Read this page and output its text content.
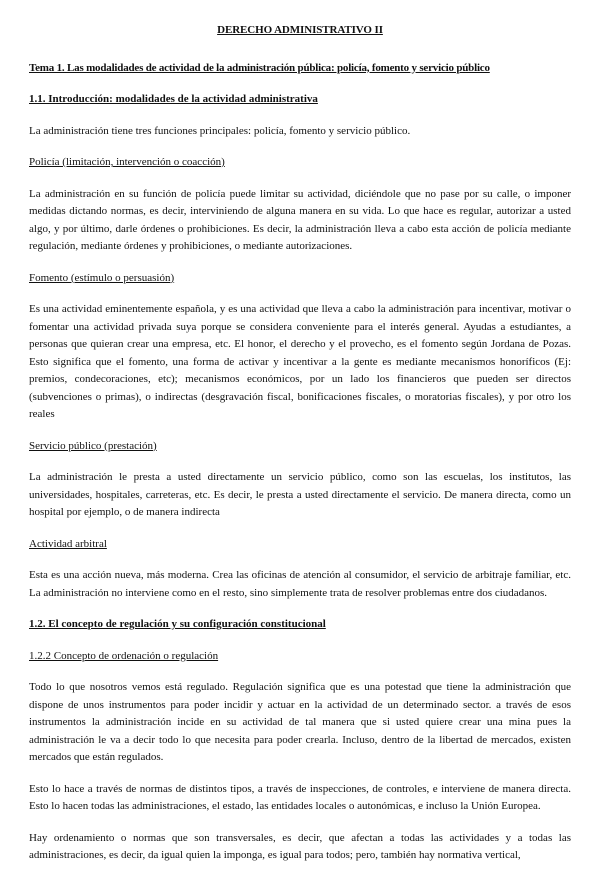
DERECHO ADMINISTRATIVO II
Tema 1. Las modalidades de actividad de la administración pública: policía, fomento y servicio público
1.1. Introducción: modalidades de la actividad administrativa

La administración tiene tres funciones principales: policía, fomento y servicio público.

Policía (limitación, intervención o coacción)

La administración en su función de policía puede limitar su actividad, diciéndole que no pase por su calle, o imponer medidas dictando normas, es decir, interviniendo de alguna manera en su vida. Lo que hace es regular, autorizar a usted algo, y por último, darle órdenes o prohibiciones. Es decir, la administración lleva a cabo esta acción de policía mediante regulación, mediante órdenes y prohibiciones, o mediante autorizaciones.

Fomento (estímulo o persuasión)

Es una actividad eminentemente española, y es una actividad que lleva a cabo la administración para incentivar, motivar o fomentar una actividad privada suya porque se considera conveniente para el interés general. Ayudas a estudiantes, a personas que quieran crear una empresa, etc. El honor, el derecho y el provecho, es el fomento según Jordana de Pozas. Esto significa que el fomento, una forma de activar y incentivar a la gente es mediante mecanismos honoríficos (Ej: premios, condecoraciones, etc); mecanismos económicos, por un lado los financieros que pueden ser directos (subvenciones o primas), o indirectas (desgravación fiscal, bonificaciones fiscales, o moratorias fiscales), y por otro los reales

Servicio público (prestación)

La administración le presta a usted directamente un servicio público, como son las escuelas, los institutos, las universidades, hospitales, carreteras, etc. Es decir, le presta a usted directamente el servicio. De manera directa, como un hospital por ejemplo, o de manera indirecta

Actividad arbitral

Esta es una acción nueva, más moderna. Crea las oficinas de atención al consumidor, el servicio de arbitraje familiar, etc. La administración no interviene como en el resto, sino simplemente trata de resolver problemas entre dos ciudadanos.

1.2. El concepto de regulación y su configuración constitucional
1.2.2 Concepto de ordenación o regulación

Todo lo que nosotros vemos está regulado. Regulación significa que es una potestad que tiene la administración que dispone de unos instrumentos para poder incidir y actuar en la actividad de un determinado sector. a través de esos instrumentos la administración incide en su actividad de tal manera que si usted quiere crear una mina pues la administración le va a decir todo lo que necesita para poder crearla. Incluso, dentro de la libertad de mercados, existen mercados que están regulados.

Esto lo hace a través de normas de distintos tipos, a través de inspecciones, de controles, e interviene de manera directa. Esto lo hacen todas las administraciones, el estado, las entidades locales o autonómicas, e incluso la Unión Europea.

Hay ordenamiento o normas que son transversales, es decir, que afectan a todas las actividades y a todas las administraciones, es decir, da igual quien la imponga, es igual para todos; pero, también hay normativa vertical,
